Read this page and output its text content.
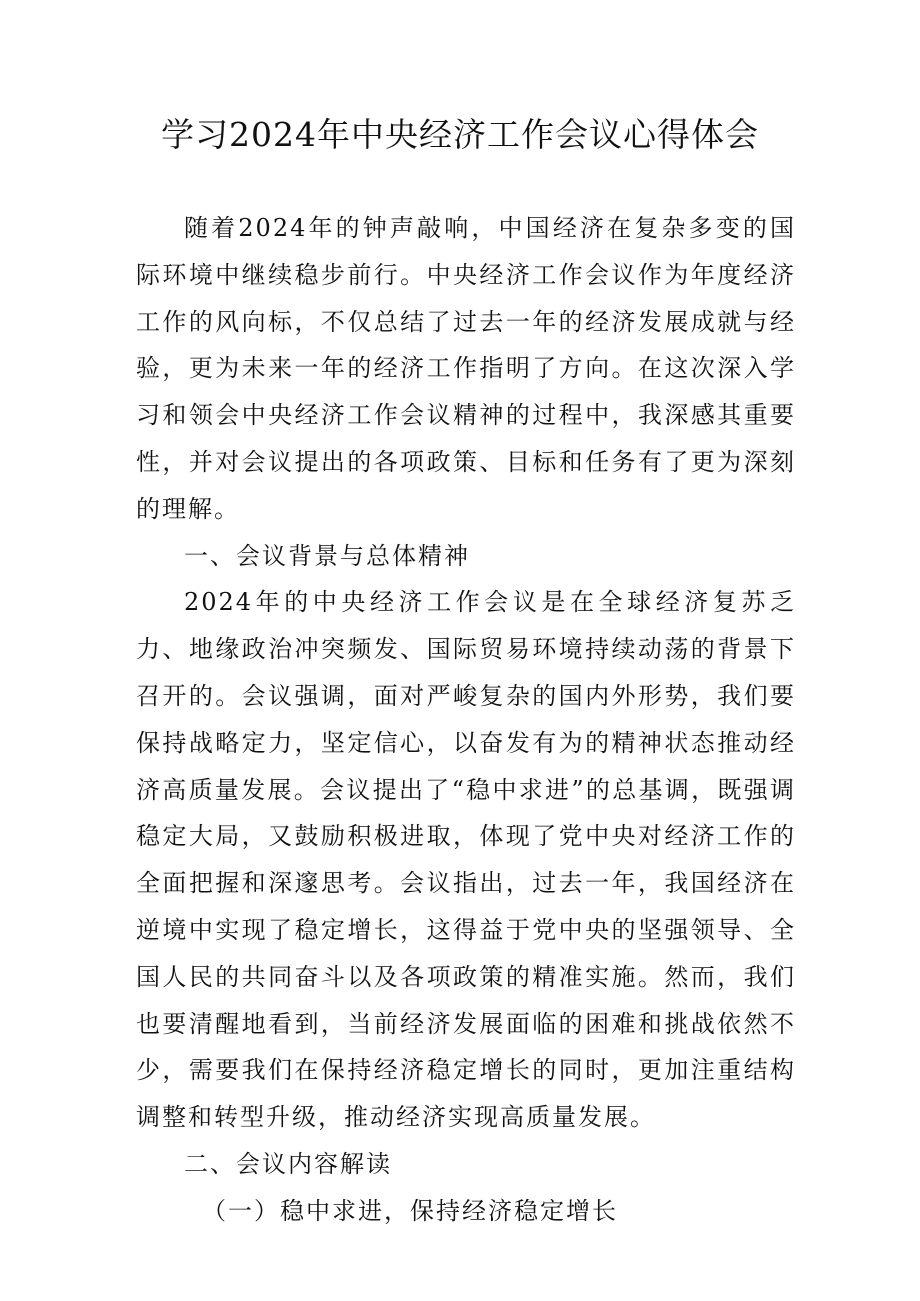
学习2024年中央经济工作会议心得体会

随着2024年的钟声敲响，中国经济在复杂多变的国际环境中继续稳步前行。中央经济工作会议作为年度经济工作的风向标，不仅总结了过去一年的经济发展成就与经验，更为未来一年的经济工作指明了方向。在这次深入学习和领会中央经济工作会议精神的过程中，我深感其重要性，并对会议提出的各项政策、目标和任务有了更为深刻的理解。

一、会议背景与总体精神

2024年的中央经济工作会议是在全球经济复苏乏力、地缘政治冲突频发、国际贸易环境持续动荡的背景下召开的。会议强调，面对严峻复杂的国内外形势，我们要保持战略定力，坚定信心，以奋发有为的精神状态推动经济高质量发展。会议提出了“稳中求进”的总基调，既强调稳定大局，又鼓励积极进取，体现了党中央对经济工作的全面把握和深邃思考。会议指出，过去一年，我国经济在逆境中实现了稳定增长，这得益于党中央的坚强领导、全国人民的共同奋斗以及各项政策的精准实施。然而，我们也要清醒地看到，当前经济发展面临的困难和挑战依然不少，需要我们在保持经济稳定增长的同时，更加注重结构调整和转型升级，推动经济实现高质量发展。

二、会议内容解读

（一）稳中求进，保持经济稳定增长
